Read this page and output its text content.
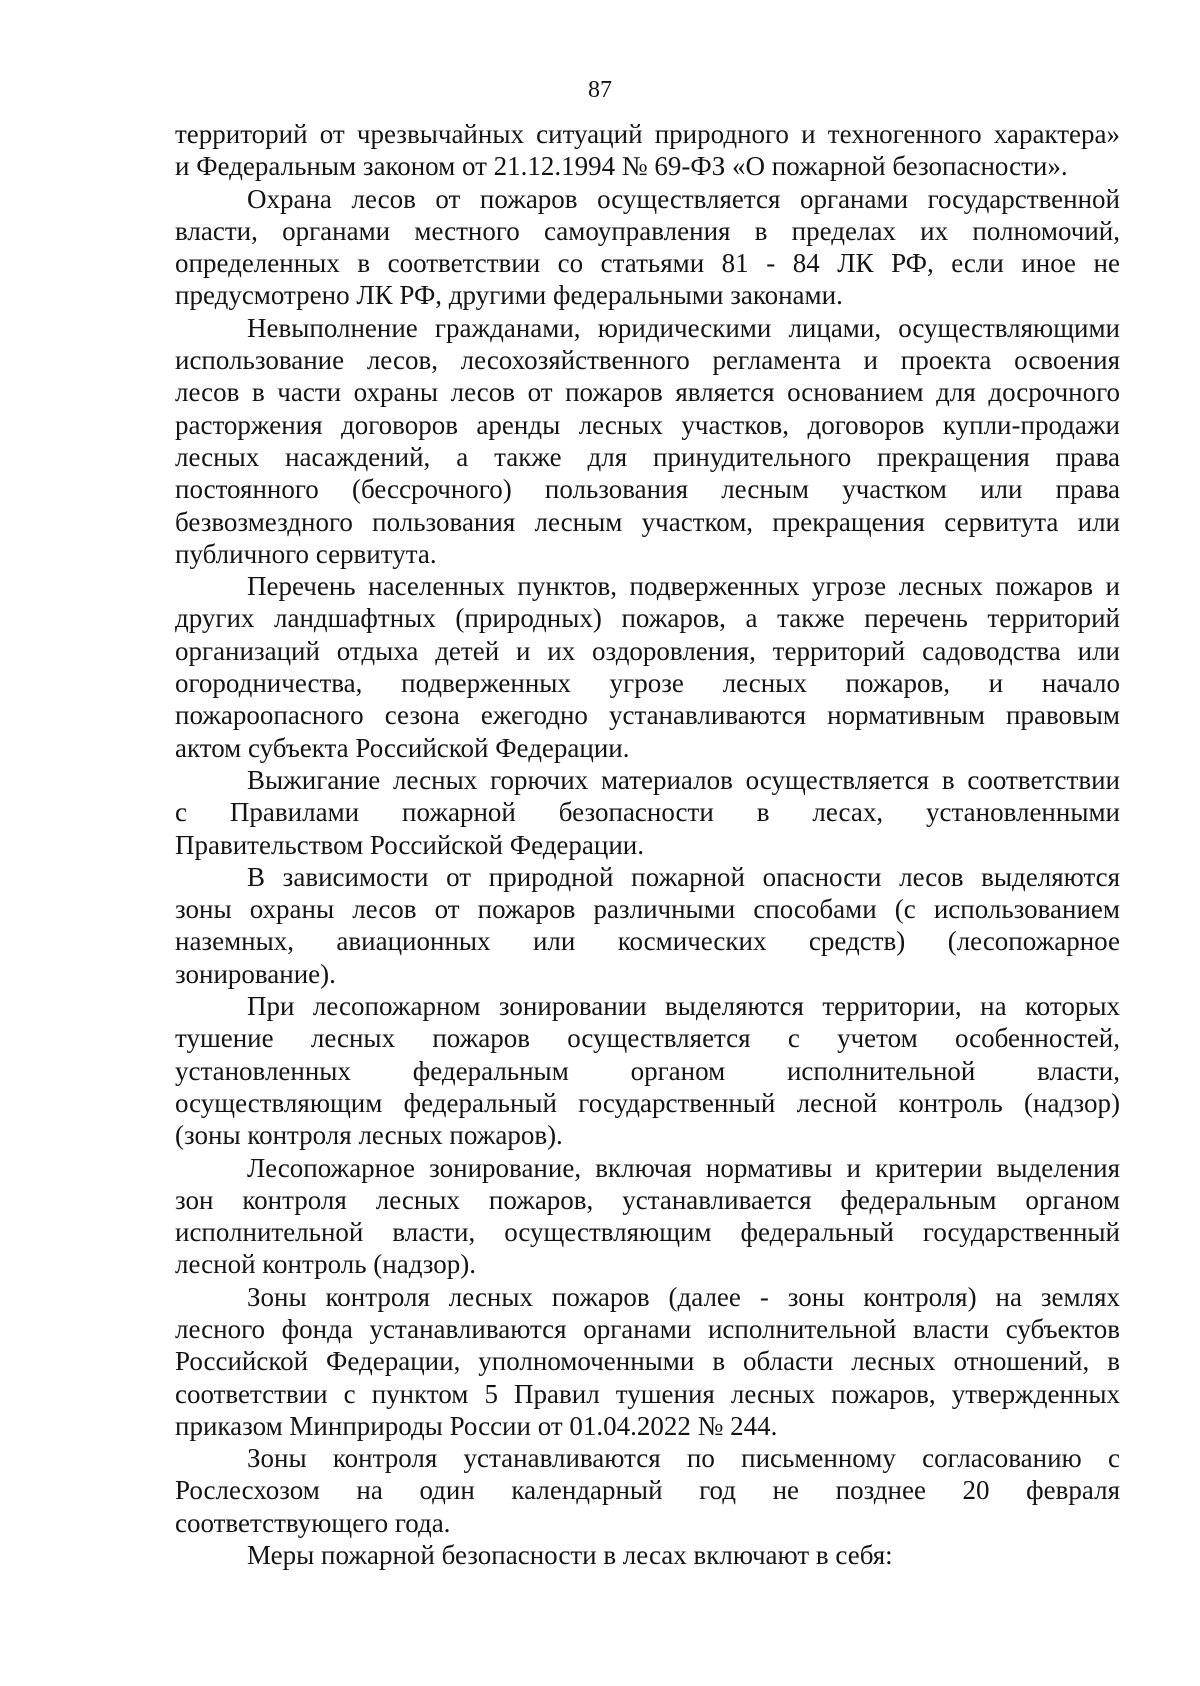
87
территорий от чрезвычайных ситуаций природного и техногенного характера»
и Федеральным законом от 21.12.1994 № 69-ФЗ «О пожарной безопасности».
Охрана лесов от пожаров осуществляется органами государственной
власти, органами местного самоуправления в пределах их полномочий,
определенных в соответствии со статьями 81 - 84 ЛК РФ, если иное не
предусмотрено ЛК РФ, другими федеральными законами.
Невыполнение гражданами, юридическими лицами, осуществляющими
использование лесов, лесохозяйственного регламента и проекта освоения
лесов в части охраны лесов от пожаров является основанием для досрочного
расторжения договоров аренды лесных участков, договоров купли-продажи
лесных насаждений, а также для принудительного прекращения права
постоянного (бессрочного) пользования лесным участком или права
безвозмездного пользования лесным участком, прекращения сервитута или
публичного сервитута.
Перечень населенных пунктов, подверженных угрозе лесных пожаров и
других ландшафтных (природных) пожаров, а также перечень территорий
организаций отдыха детей и их оздоровления, территорий садоводства или
огородничества, подверженных угрозе лесных пожаров, и начало
пожароопасного сезона ежегодно устанавливаются нормативным правовым
актом субъекта Российской Федерации.
Выжигание лесных горючих материалов осуществляется в соответствии
с Правилами пожарной безопасности в лесах, установленными
Правительством Российской Федерации.
В зависимости от природной пожарной опасности лесов выделяются
зоны охраны лесов от пожаров различными способами (с использованием
наземных, авиационных или космических средств) (лесопожарное
зонирование).
При лесопожарном зонировании выделяются территории, на которых
тушение лесных пожаров осуществляется с учетом особенностей,
установленных федеральным органом исполнительной власти,
осуществляющим федеральный государственный лесной контроль (надзор)
(зоны контроля лесных пожаров).
Лесопожарное зонирование, включая нормативы и критерии выделения
зон контроля лесных пожаров, устанавливается федеральным органом
исполнительной власти, осуществляющим федеральный государственный
лесной контроль (надзор).
Зоны контроля лесных пожаров (далее - зоны контроля) на землях
лесного фонда устанавливаются органами исполнительной власти субъектов
Российской Федерации, уполномоченными в области лесных отношений, в
соответствии с пунктом 5 Правил тушения лесных пожаров, утвержденных
приказом Минприроды России от 01.04.2022 № 244.
Зоны контроля устанавливаются по письменному согласованию с
Рослесхозом на один календарный год не позднее 20 февраля
соответствующего года.
Меры пожарной безопасности в лесах включают в себя:
